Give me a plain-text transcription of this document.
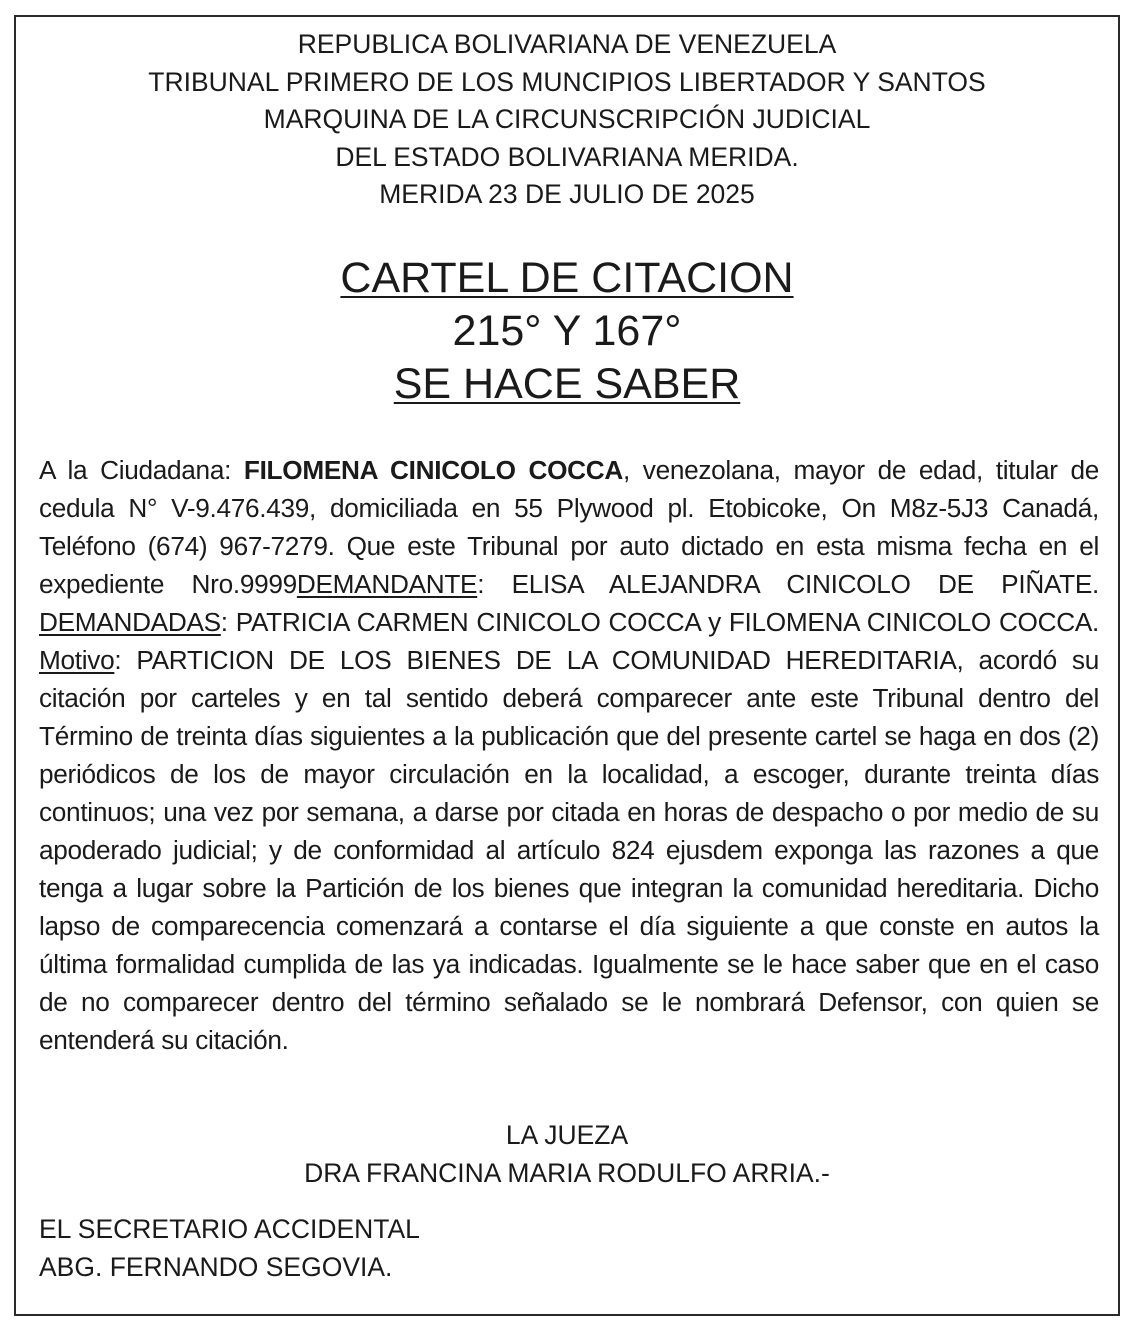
REPUBLICA BOLIVARIANA DE VENEZUELA
TRIBUNAL PRIMERO DE LOS MUNCIPIOS LIBERTADOR Y SANTOS
MARQUINA DE LA CIRCUNSCRIPCIÓN JUDICIAL
DEL ESTADO BOLIVARIANA MERIDA.
MERIDA 23 DE JULIO DE 2025
CARTEL DE CITACION
215° Y 167°
SE HACE SABER
A la Ciudadana: FILOMENA CINICOLO COCCA, venezolana, mayor de edad, titular de cedula N° V-9.476.439, domiciliada en 55 Plywood pl. Etobicoke, On M8z-5J3 Canadá, Teléfono (674) 967-7279. Que este Tribunal por auto dictado en esta misma fecha en el expediente Nro.9999DEMANDANTE: ELISA ALEJANDRA CINICOLO DE PIÑATE. DEMANDADAS: PATRICIA CARMEN CINICOLO COCCA y FILOMENA CINICOLO COCCA. Motivo: PARTICION DE LOS BIENES DE LA COMUNIDAD HEREDITARIA, acordó su citación por carteles y en tal sentido deberá comparecer ante este Tribunal dentro del Término de treinta días siguientes a la publicación que del presente cartel se haga en dos (2) periódicos de los de mayor circulación en la localidad, a escoger, durante treinta días continuos; una vez por semana, a darse por citada en horas de despacho o por medio de su apoderado judicial; y de conformidad al artículo 824 ejusdem exponga las razones a que tenga a lugar sobre la Partición de los bienes que integran la comunidad hereditaria. Dicho lapso de comparecencia comenzará a contarse el día siguiente a que conste en autos la última formalidad cumplida de las ya indicadas. Igualmente se le hace saber que en el caso de no comparecer dentro del término señalado se le nombrará Defensor, con quien se entenderá su citación.
LA JUEZA
DRA FRANCINA MARIA RODULFO ARRIA.-
EL SECRETARIO ACCIDENTAL
ABG. FERNANDO SEGOVIA.
